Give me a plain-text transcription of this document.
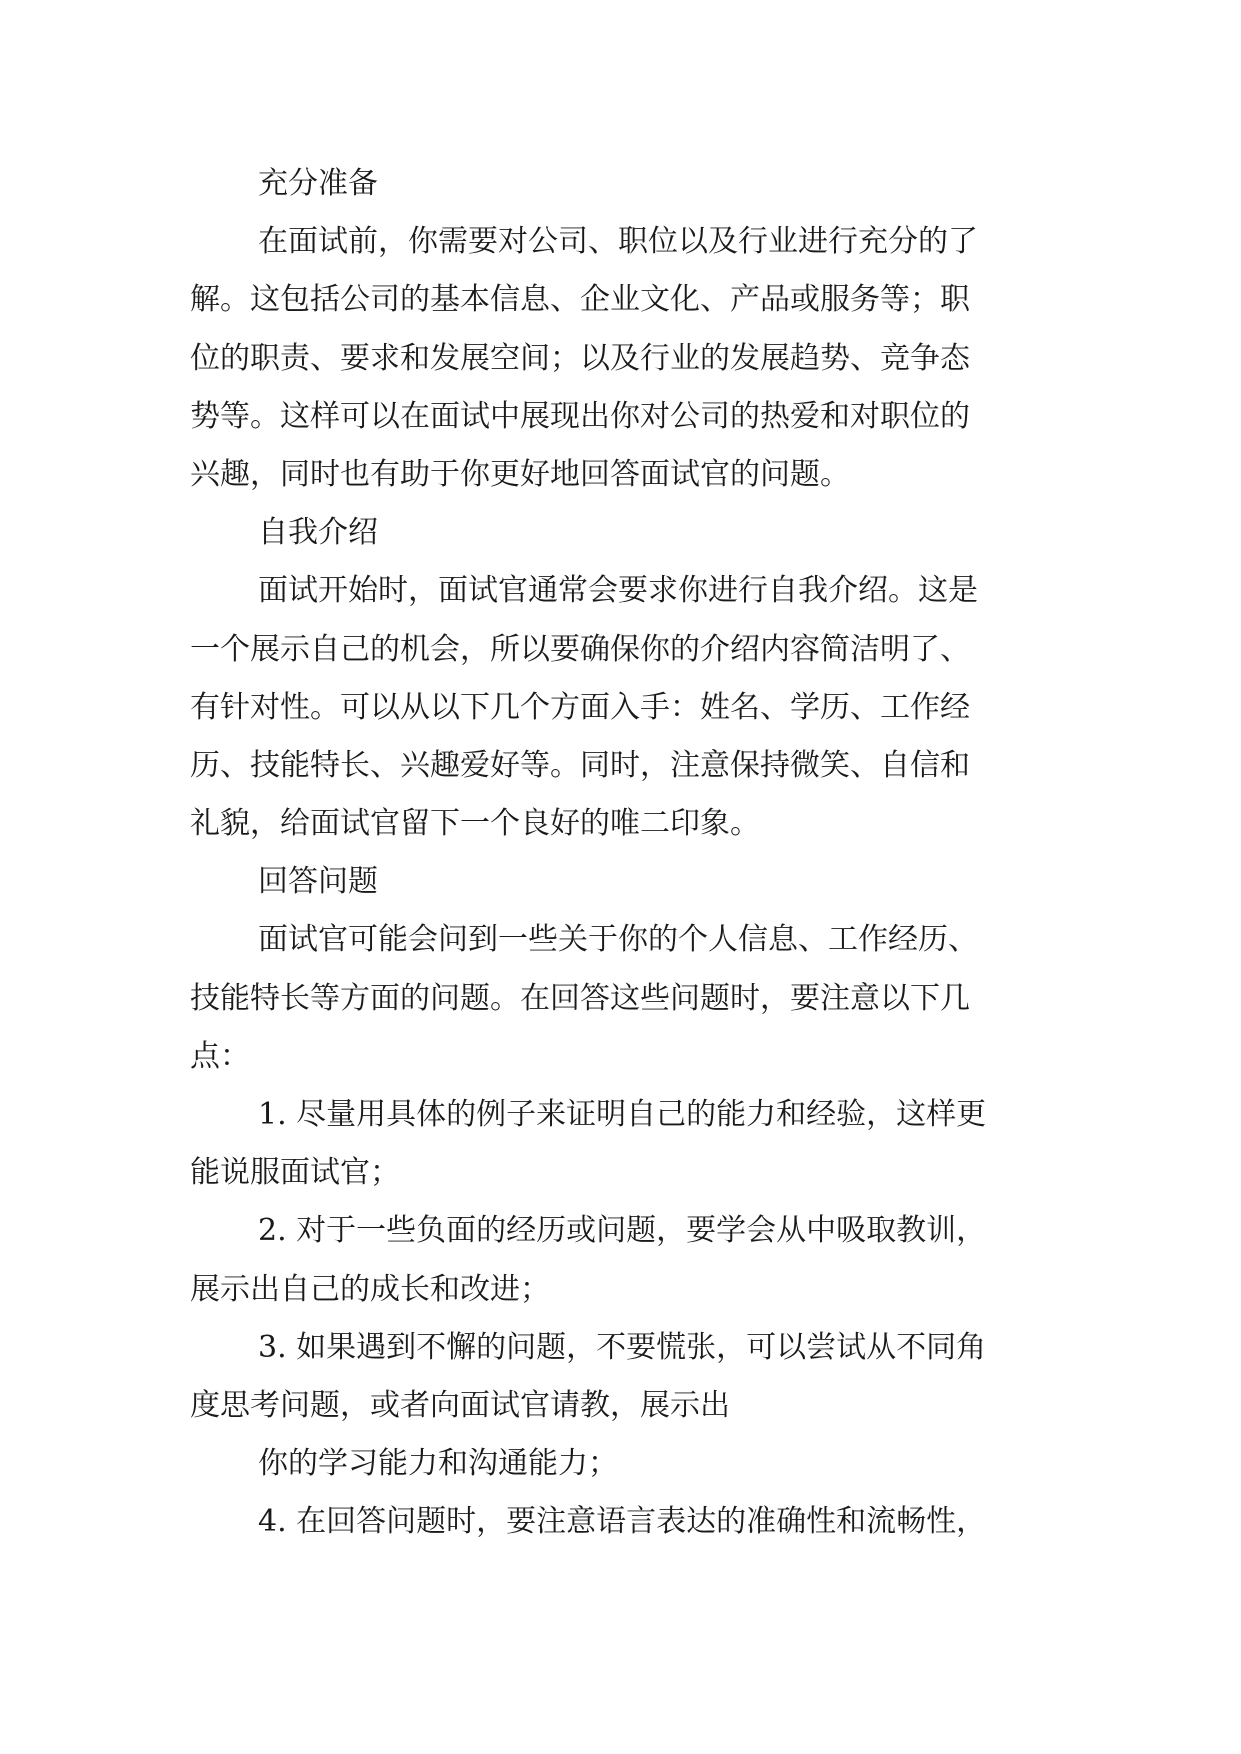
充分准备
在面试前，你需要对公司、职位以及行业进行充分的了
解。这包括公司的基本信息、企业文化、产品或服务等；职
位的职责、要求和发展空间；以及行业的发展趋势、竞争态
势等。这样可以在面试中展现出你对公司的热爱和对职位的
兴趣，同时也有助于你更好地回答面试官的问题。
自我介绍
面试开始时，面试官通常会要求你进行自我介绍。这是
一个展示自己的机会，所以要确保你的介绍内容简洁明了、
有针对性。可以从以下几个方面入手：姓名、学历、工作经
历、技能特长、兴趣爱好等。同时，注意保持微笑、自信和
礼貌，给面试官留下一个良好的唯二印象。
回答问题
面试官可能会问到一些关于你的个人信息、工作经历、
技能特长等方面的问题。在回答这些问题时，要注意以下几
点：
1. 尽量用具体的例子来证明自己的能力和经验，这样更
能说服面试官；
2. 对于一些负面的经历或问题，要学会从中吸取教训，
展示出自己的成长和改进；
3. 如果遇到不懈的问题，不要慌张，可以尝试从不同角
度思考问题，或者向面试官请教，展示出
你的学习能力和沟通能力；
4. 在回答问题时，要注意语言表达的准确性和流畅性，
